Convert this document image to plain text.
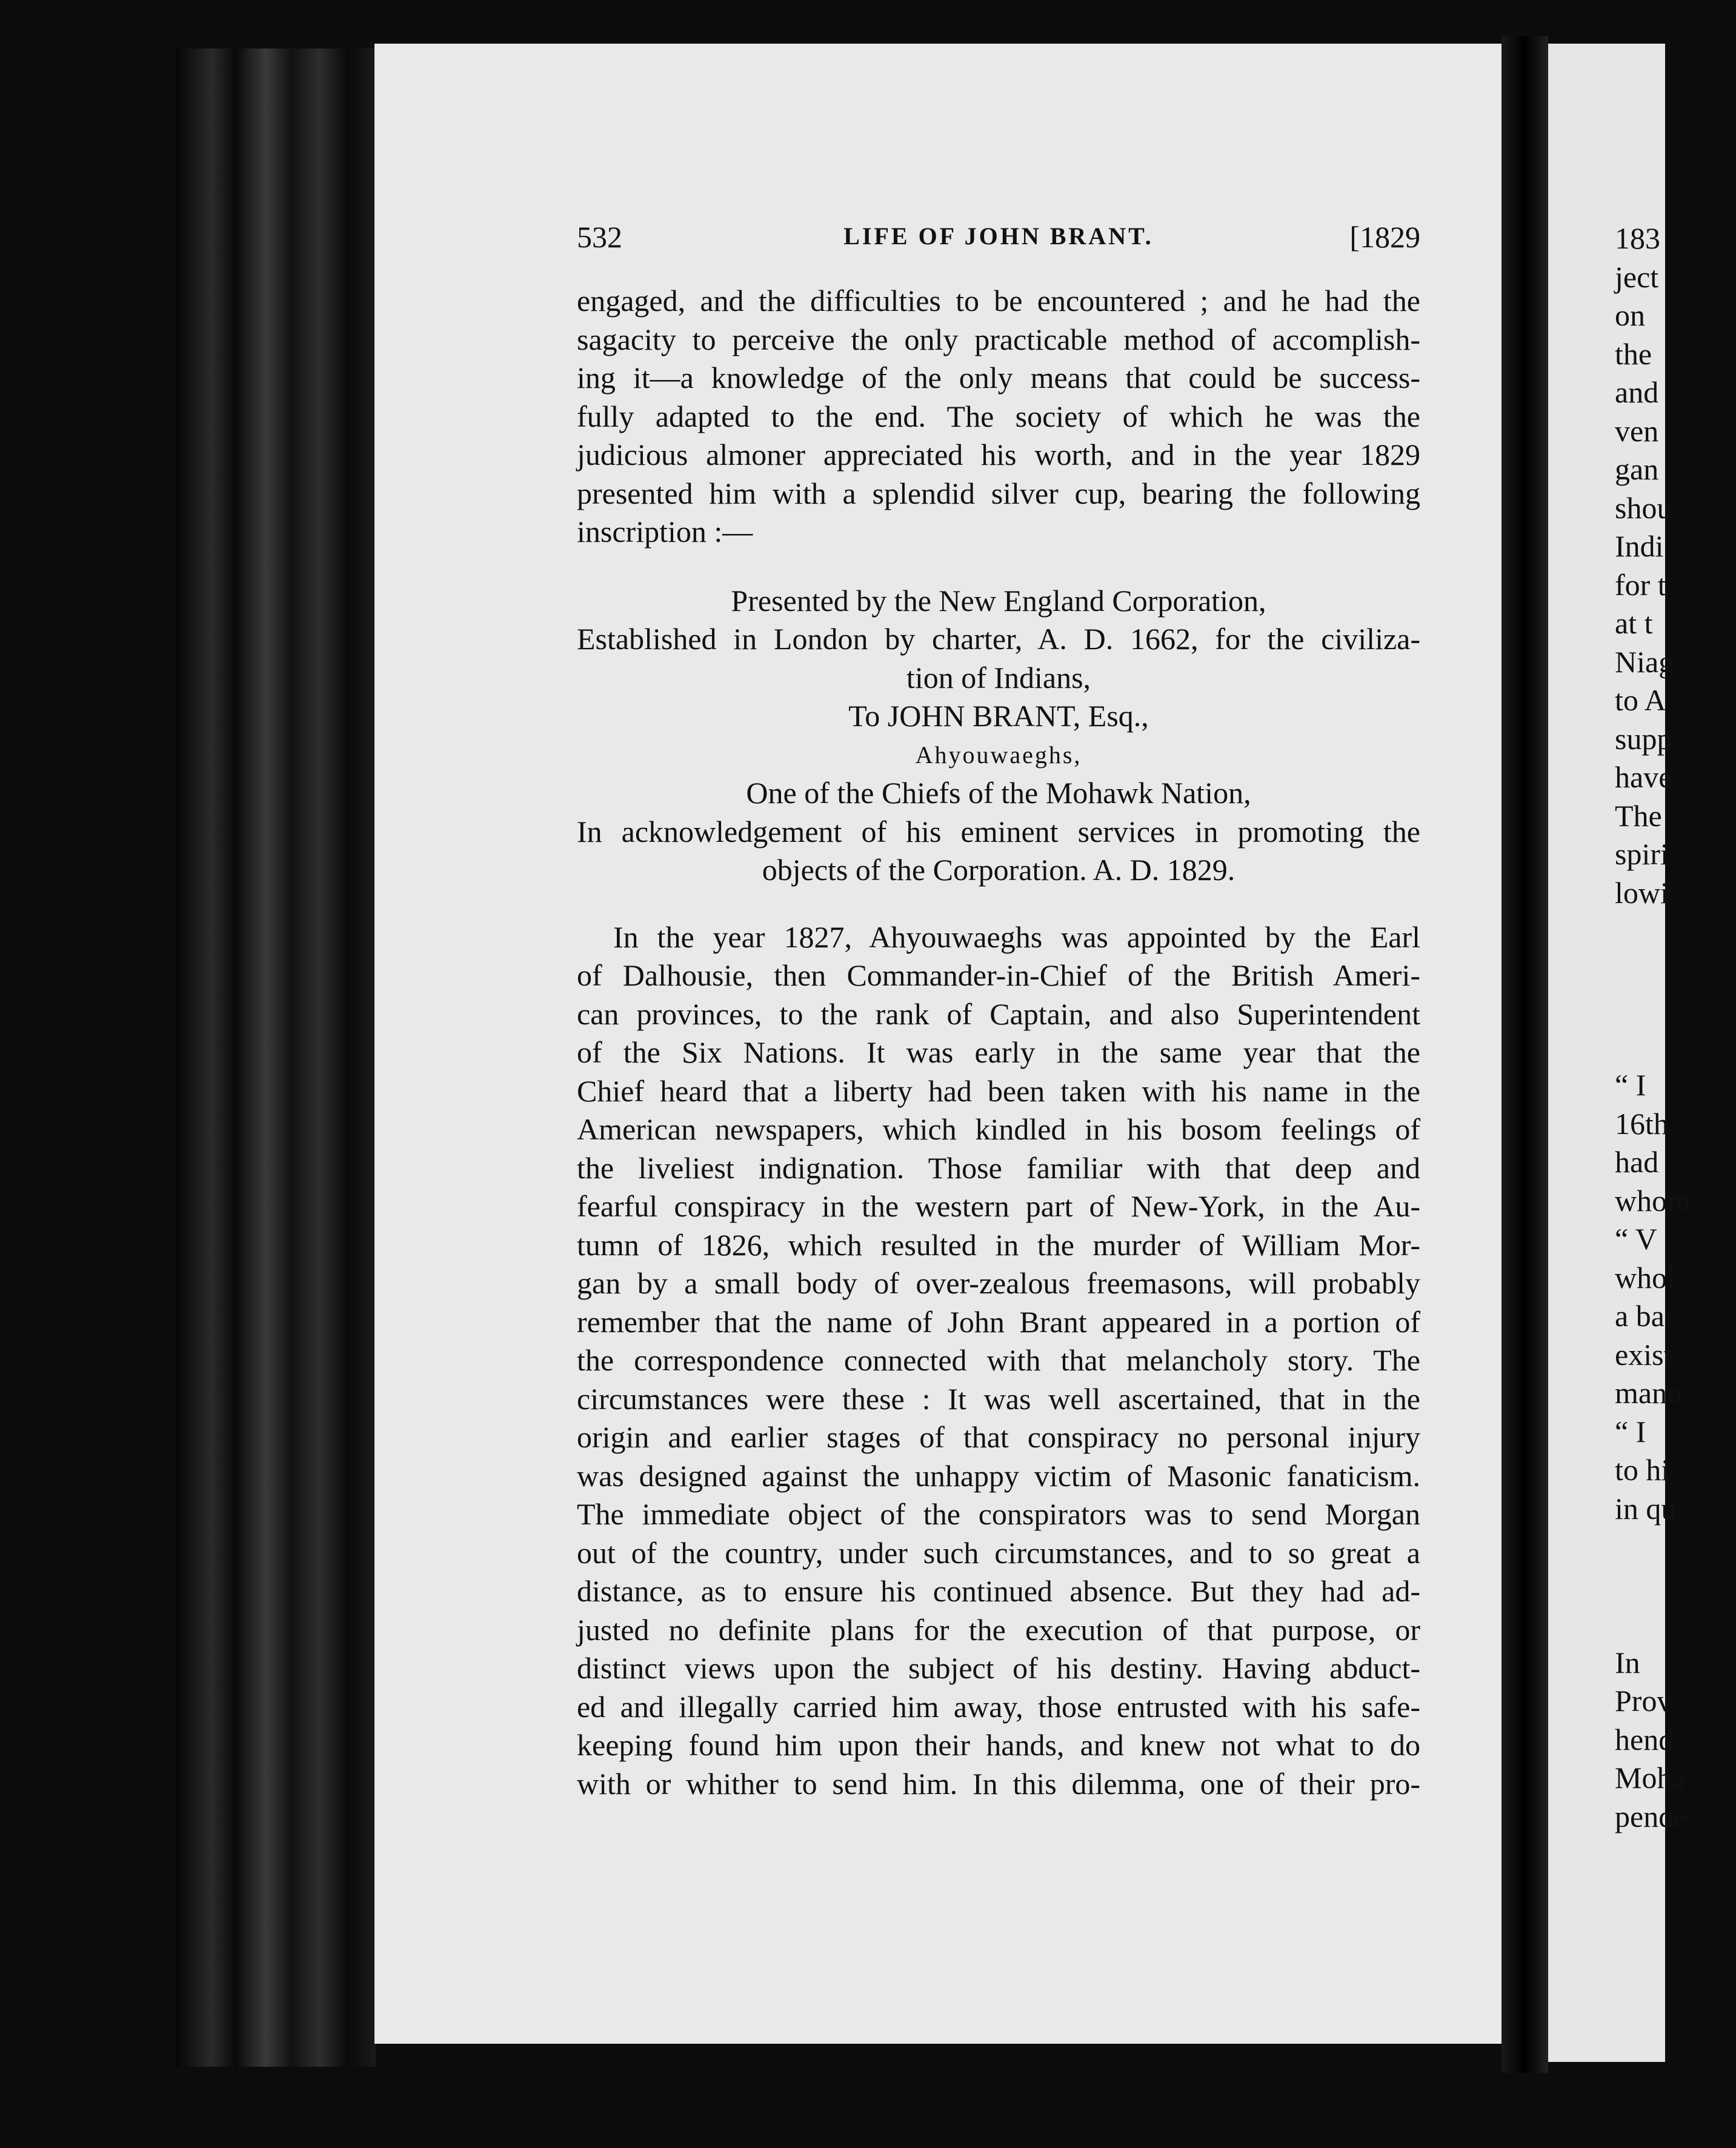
532	LIFE OF JOHN BRANT.	[1829
engaged, and the difficulties to be encountered ; and he had the
sagacity to perceive the only practicable method of accomplish-
ing it—a knowledge of the only means that could be success-
fully adapted to the end. The society of which he was the
judicious almoner appreciated his worth, and in the year 1829
presented him with a splendid silver cup, bearing the following
inscription :—
Presented by the New England Corporation,
Established in London by charter, A. D. 1662, for the civiliza-
tion of Indians,
To JOHN BRANT, Esq.,
Ahyouwaeghs,
One of the Chiefs of the Mohawk Nation,
In acknowledgement of his eminent services in promoting the
objects of the Corporation. A. D. 1829.
In the year 1827, Ahyouwaeghs was appointed by the Earl
of Dalhousie, then Commander-in-Chief of the British Ameri-
can provinces, to the rank of Captain, and also Superintendent
of the Six Nations. It was early in the same year that the
Chief heard that a liberty had been taken with his name in the
American newspapers, which kindled in his bosom feelings of
the liveliest indignation. Those familiar with that deep and
fearful conspiracy in the western part of New-York, in the Au-
tumn of 1826, which resulted in the murder of William Mor-
gan by a small body of over-zealous freemasons, will probably
remember that the name of John Brant appeared in a portion of
the correspondence connected with that melancholy story. The
circumstances were these : It was well ascertained, that in the
origin and earlier stages of that conspiracy no personal injury
was designed against the unhappy victim of Masonic fanaticism.
The immediate object of the conspirators was to send Morgan
out of the country, under such circumstances, and to so great a
distance, as to ensure his continued absence. But they had ad-
justed no definite plans for the execution of that purpose, or
distinct views upon the subject of his destiny. Having abduct-
ed and illegally carried him away, those entrusted with his safe-
keeping found him upon their hands, and knew not what to do
with or whither to send him. In this dilemma, one of their pro-
183
ject
on
the
and
ven
gan
shou
Indi
for t
at t
Niag
to A
supp
have
The
spiri
lowi
“ I
16th
had
whom
“ V
whol
a bar
exist
mann
“ I
to hi
in qu
In
Prov
hend
Moha
pende
